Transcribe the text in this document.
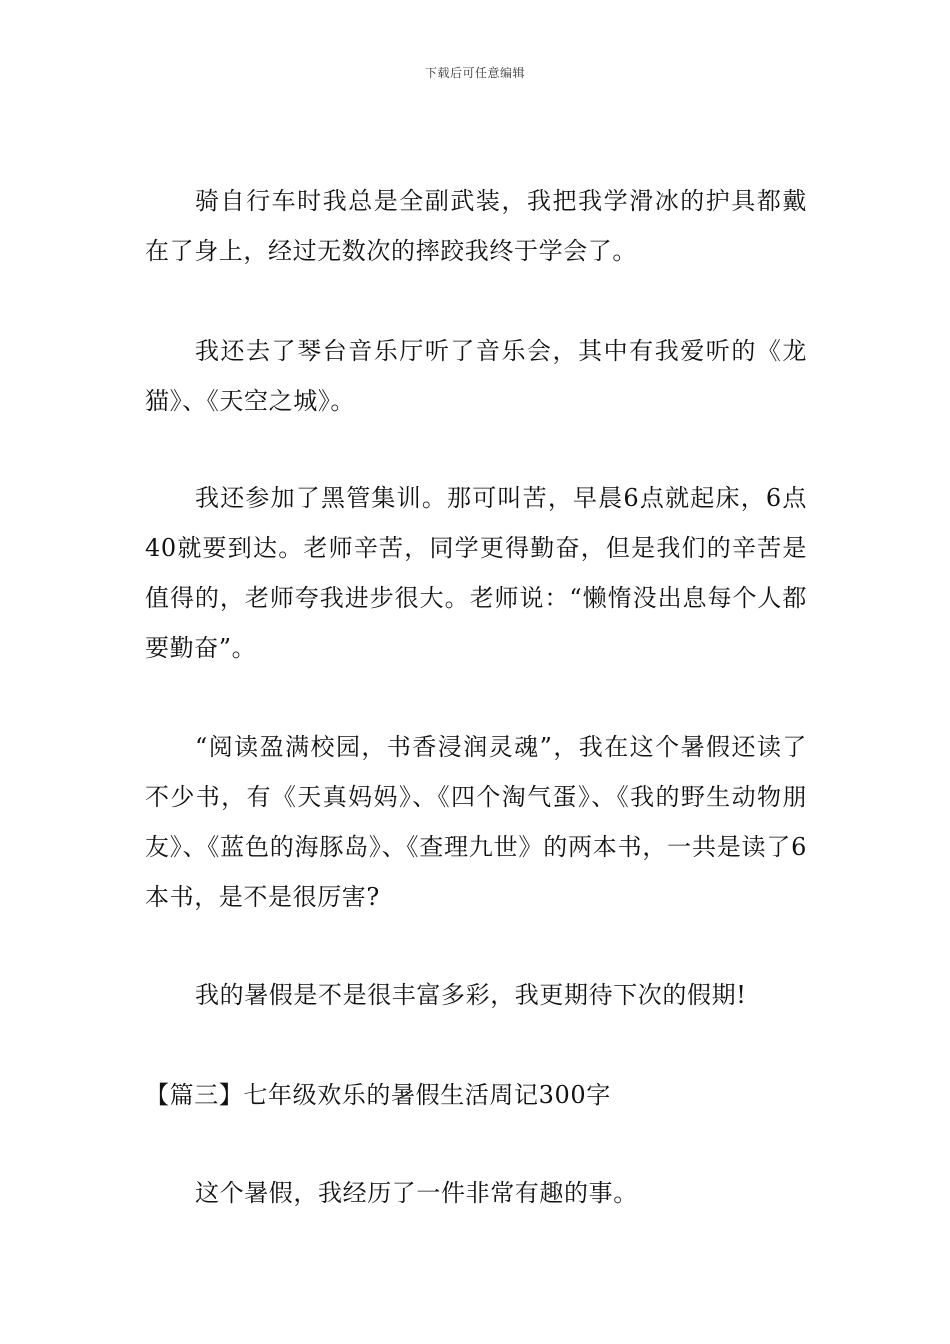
下载后可任意编辑

骑自行车时我总是全副武装，我把我学滑冰的护具都戴在了身上，经过无数次的摔跤我终于学会了。

我还去了琴台音乐厅听了音乐会，其中有我爱听的《龙猫》、《天空之城》。

我还参加了黑管集训。那可叫苦，早晨6点就起床，6点40就要到达。老师辛苦，同学更得勤奋，但是我们的辛苦是值得的，老师夸我进步很大。老师说：“懒惰没出息每个人都要勤奋”。

“阅读盈满校园，书香浸润灵魂”，我在这个暑假还读了不少书，有《天真妈妈》、《四个淘气蛋》、《我的野生动物朋友》、《蓝色的海豚岛》、《查理九世》的两本书，一共是读了6本书，是不是很厉害?

我的暑假是不是很丰富多彩，我更期待下次的假期!

【篇三】七年级欢乐的暑假生活周记300字

这个暑假，我经历了一件非常有趣的事。
